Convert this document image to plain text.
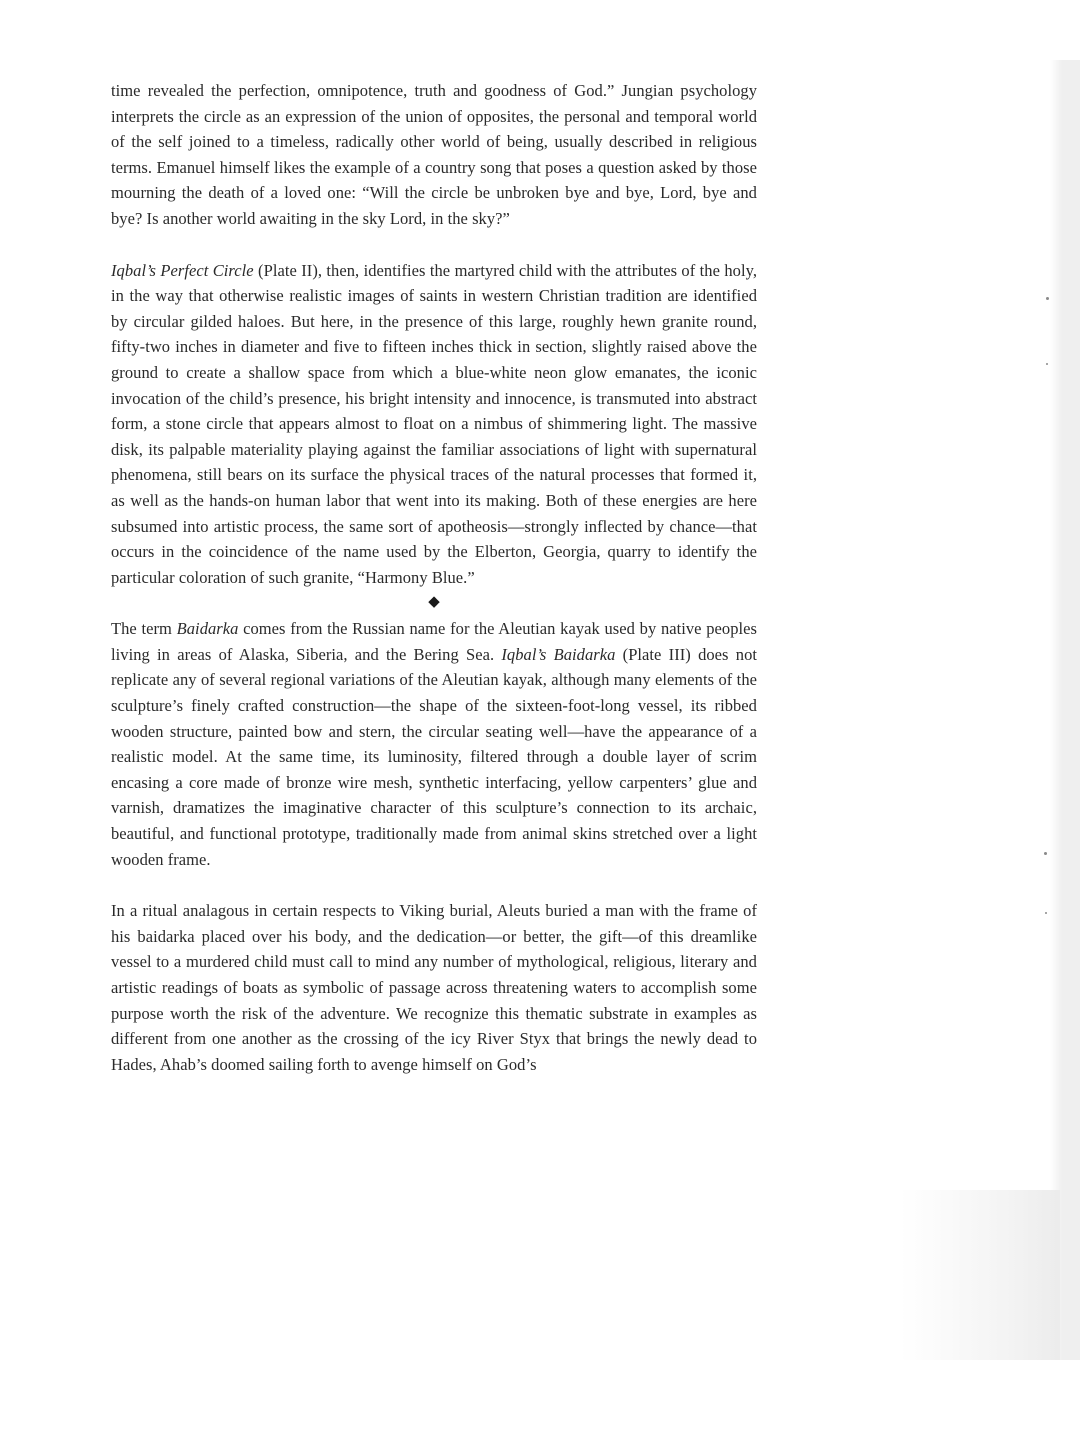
time revealed the perfection, omnipotence, truth and goodness of God.” Jungian psychology interprets the circle as an expression of the union of opposites, the personal and temporal world of the self joined to a timeless, radically other world of being, usually described in religious terms. Emanuel himself likes the example of a country song that poses a question asked by those mourning the death of a loved one: “Will the circle be unbroken bye and bye, Lord, bye and bye? Is another world awaiting in the sky Lord, in the sky?”

Iqbal’s Perfect Circle (Plate II), then, identifies the martyred child with the attributes of the holy, in the way that otherwise realistic images of saints in western Christian tradition are identified by circular gilded haloes. But here, in the presence of this large, roughly hewn granite round, fifty-two inches in diameter and five to fifteen inches thick in section, slightly raised above the ground to create a shallow space from which a blue-white neon glow emanates, the iconic invocation of the child’s presence, his bright intensity and innocence, is transmuted into abstract form, a stone circle that appears almost to float on a nimbus of shimmering light. The massive disk, its palpable materiality playing against the familiar associations of light with supernatural phenomena, still bears on its surface the physical traces of the natural processes that formed it, as well as the hands-on human labor that went into its making. Both of these energies are here subsumed into artistic process, the same sort of apotheosis—strongly inflected by chance—that occurs in the coincidence of the name used by the Elberton, Georgia, quarry to identify the particular coloration of such granite, “Harmony Blue.”

◆

The term Baidarka comes from the Russian name for the Aleutian kayak used by native peoples living in areas of Alaska, Siberia, and the Bering Sea. Iqbal’s Baidarka (Plate III) does not replicate any of several regional variations of the Aleutian kayak, although many elements of the sculpture’s finely crafted construction—the shape of the sixteen-foot-long vessel, its ribbed wooden structure, painted bow and stern, the circular seating well—have the appearance of a realistic model. At the same time, its luminosity, filtered through a double layer of scrim encasing a core made of bronze wire mesh, synthetic interfacing, yellow carpenters’ glue and varnish, dramatizes the imaginative character of this sculpture’s connection to its archaic, beautiful, and functional prototype, traditionally made from animal skins stretched over a light wooden frame.

In a ritual analagous in certain respects to Viking burial, Aleuts buried a man with the frame of his baidarka placed over his body, and the dedication—or better, the gift—of this dreamlike vessel to a murdered child must call to mind any number of mythological, religious, literary and artistic readings of boats as symbolic of passage across threatening waters to accomplish some purpose worth the risk of the adventure. We recognize this thematic substrate in examples as different from one another as the crossing of the icy River Styx that brings the newly dead to Hades, Ahab’s doomed sailing forth to avenge himself on God’s
